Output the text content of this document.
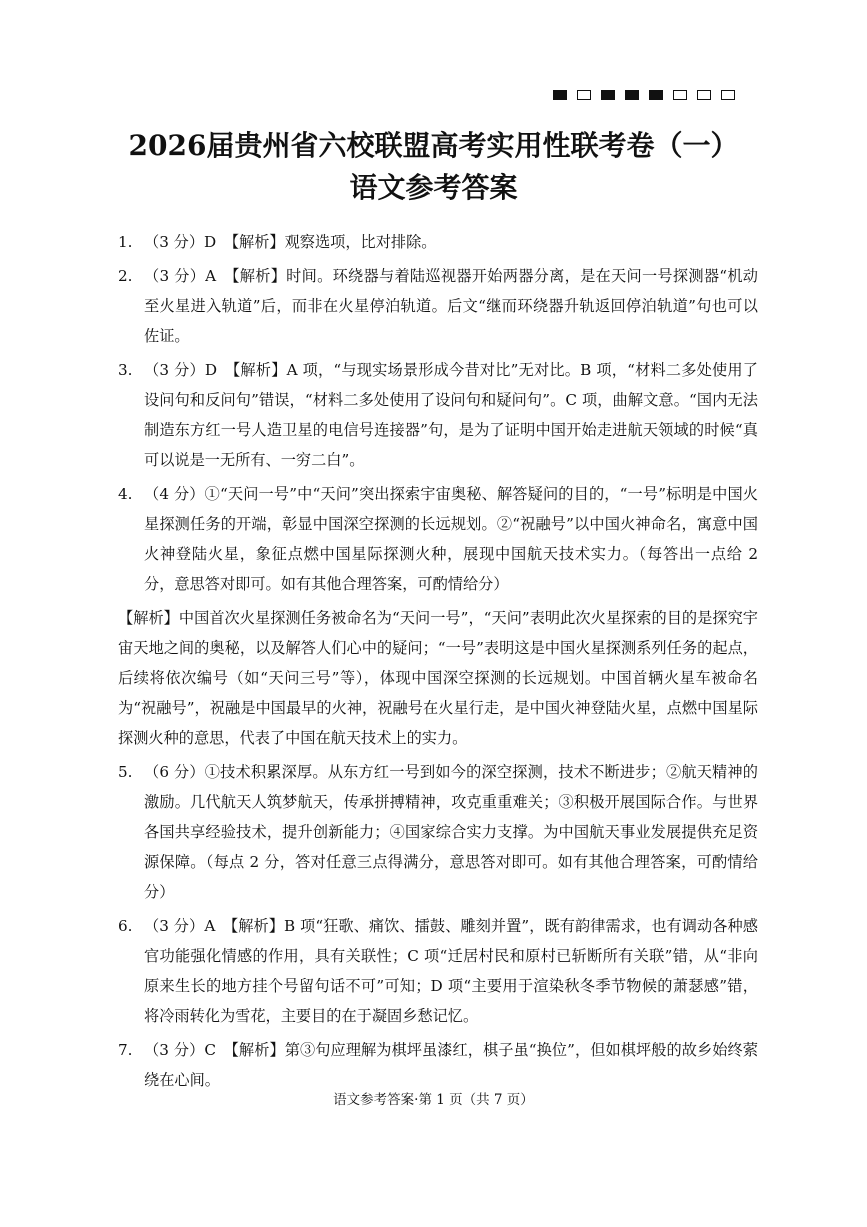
2026届贵州省六校联盟高考实用性联考卷（一）
语文参考答案
1. （3 分）D　【解析】观察选项，比对排除。
2. （3 分）A　【解析】时间。环绕器与着陆巡视器开始两器分离，是在天问一号探测器“机动至火星进入轨道”后，而非在火星停泊轨道。后文“继而环绕器升轨返回停泊轨道”句也可以佐证。
3. （3 分）D　【解析】A 项，“与现实场景形成今昔对比”无对比。B 项，“材料二多处使用了设问句和反问句”错误，“材料二多处使用了设问句和疑问句”。C 项，曲解文意。“国内无法制造东方红一号人造卫星的电信号连接器”句，是为了证明中国开始走进航天领域的时候“真可以说是一无所有、一穷二白”。
4. （4 分）①“天问一号”中“天问”突出探索宇宙奥秘、解答疑问的目的，“一号”标明是中国火星探测任务的开端，彰显中国深空探测的长远规划。②“祝融号”以中国火神命名，寓意中国火神登陆火星，象征点燃中国星际探测火种，展现中国航天技术实力。（每答出一点给 2 分，意思答对即可。如有其他合理答案，可酌情给分）
【解析】中国首次火星探测任务被命名为“天问一号”，“天问”表明此次火星探索的目的是探究宇宙天地之间的奥秘，以及解答人们心中的疑问；“一号”表明这是中国火星探测系列任务的起点，后续将依次编号（如“天问三号”等），体现中国深空探测的长远规划。中国首辆火星车被命名为“祝融号”，祝融是中国最早的火神，祝融号在火星行走，是中国火神登陆火星，点燃中国星际探测火种的意思，代表了中国在航天技术上的实力。
5. （6 分）①技术积累深厚。从东方红一号到如今的深空探测，技术不断进步；②航天精神的激励。几代航天人筑梦航天，传承拼搏精神，攻克重重难关；③积极开展国际合作。与世界各国共享经验技术，提升创新能力；④国家综合实力支撑。为中国航天事业发展提供充足资源保障。（每点 2 分，答对任意三点得满分，意思答对即可。如有其他合理答案，可酌情给分）
6. （3 分）A　【解析】B 项“狂歌、痛饮、擂鼓、雕刻并置”，既有韵律需求，也有调动各种感官功能强化情感的作用，具有关联性；C 项“迁居村民和原村已斩断所有关联”错，从“非向原来生长的地方挂个号留句话不可”可知；D 项“主要用于渲染秋冬季节物候的萧瑟感”错，将冷雨转化为雪花，主要目的在于凝固乡愁记忆。
7. （3 分）C　【解析】第③句应理解为棋坪虽漆红，棋子虽“换位”，但如棋坪般的故乡始终萦绕在心间。
语文参考答案·第 1 页（共 7 页）
